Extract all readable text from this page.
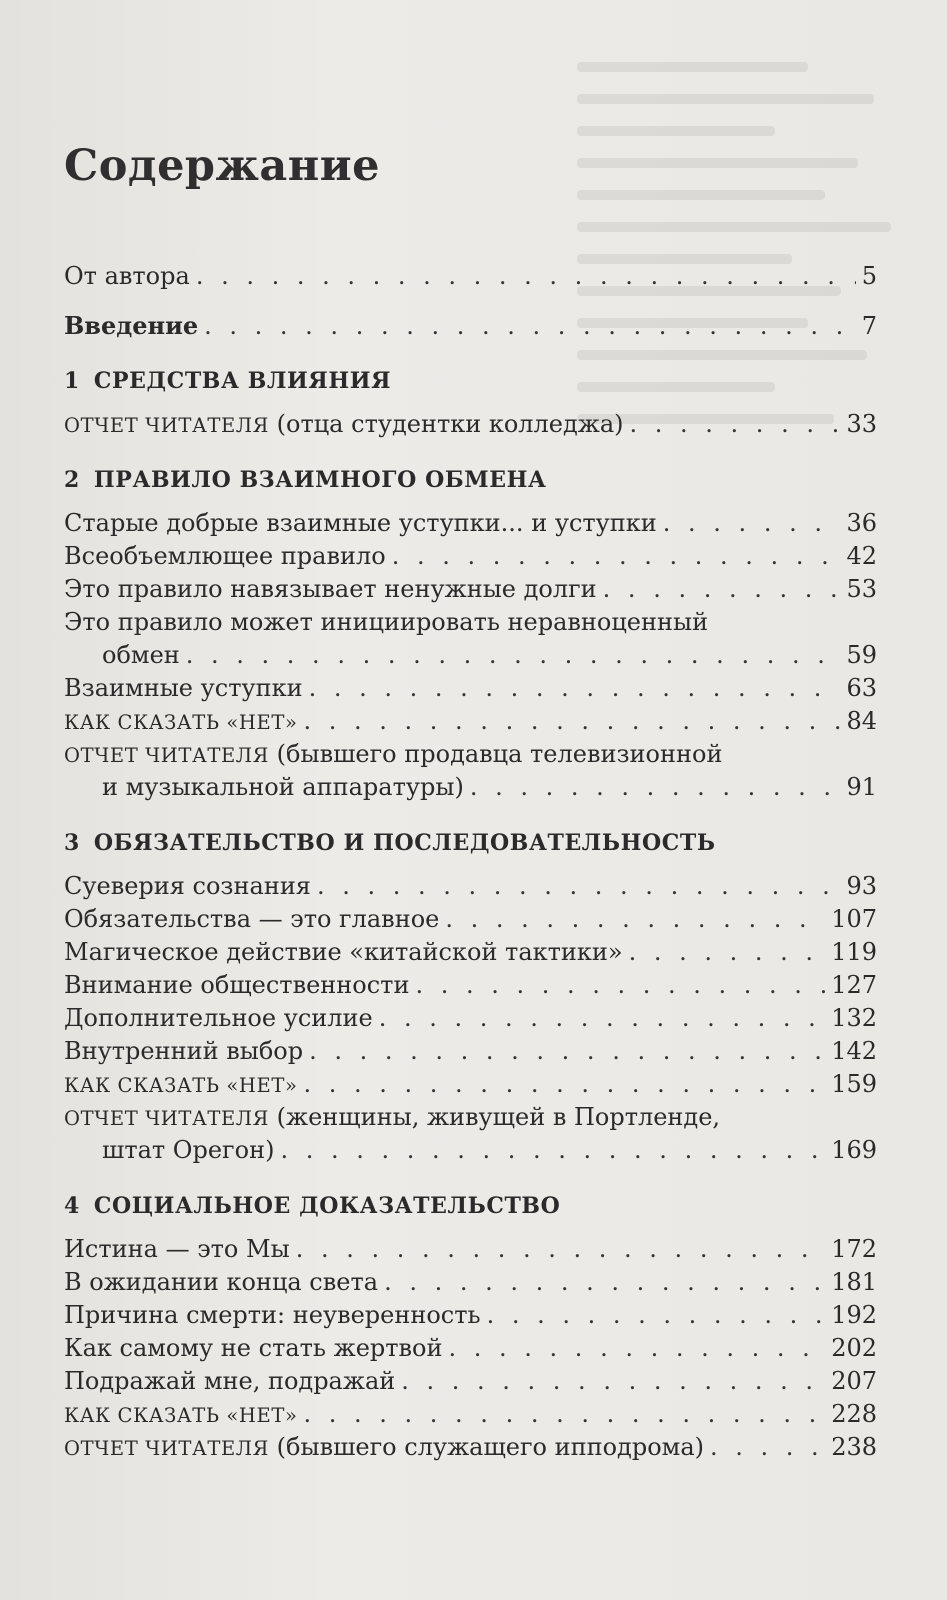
Содержание
От автора . . .	5
Введение . . .	7
1 СРЕДСТВА ВЛИЯНИЯ
ОТЧЕТ ЧИТАТЕЛЯ (отца студентки колледжа) . . .	33
2 ПРАВИЛО ВЗАИМНОГО ОБМЕНА
Старые добрые взаимные уступки... и уступки . . .	36
Всеобъемлющее правило . . .	42
Это правило навязывает ненужные долги . . .	53
Это правило может инициировать неравноценный
обмен . . .	59
Взаимные уступки . . .	63
КАК СКАЗАТЬ «НЕТ» . . .	84
ОТЧЕТ ЧИТАТЕЛЯ (бывшего продавца телевизионной
и музыкальной аппаратуры) . . .	91
3 ОБЯЗАТЕЛЬСТВО И ПОСЛЕДОВАТЕЛЬНОСТЬ
Суеверия сознания . . .	93
Обязательства — это главное . . .	107
Магическое действие «китайской тактики» . . .	119
Внимание общественности . . .	127
Дополнительное усилие . . .	132
Внутренний выбор . . .	142
КАК СКАЗАТЬ «НЕТ» . . .	159
ОТЧЕТ ЧИТАТЕЛЯ (женщины, живущей в Портленде,
штат Орегон) . . .	169
4 СОЦИАЛЬНОЕ ДОКАЗАТЕЛЬСТВО
Истина — это Мы . . .	172
В ожидании конца света . . .	181
Причина смерти: неуверенность . . .	192
Как самому не стать жертвой . . .	202
Подражай мне, подражай . . .	207
КАК СКАЗАТЬ «НЕТ» . . .	228
ОТЧЕТ ЧИТАТЕЛЯ (бывшего служащего ипподрома) . . .	238
